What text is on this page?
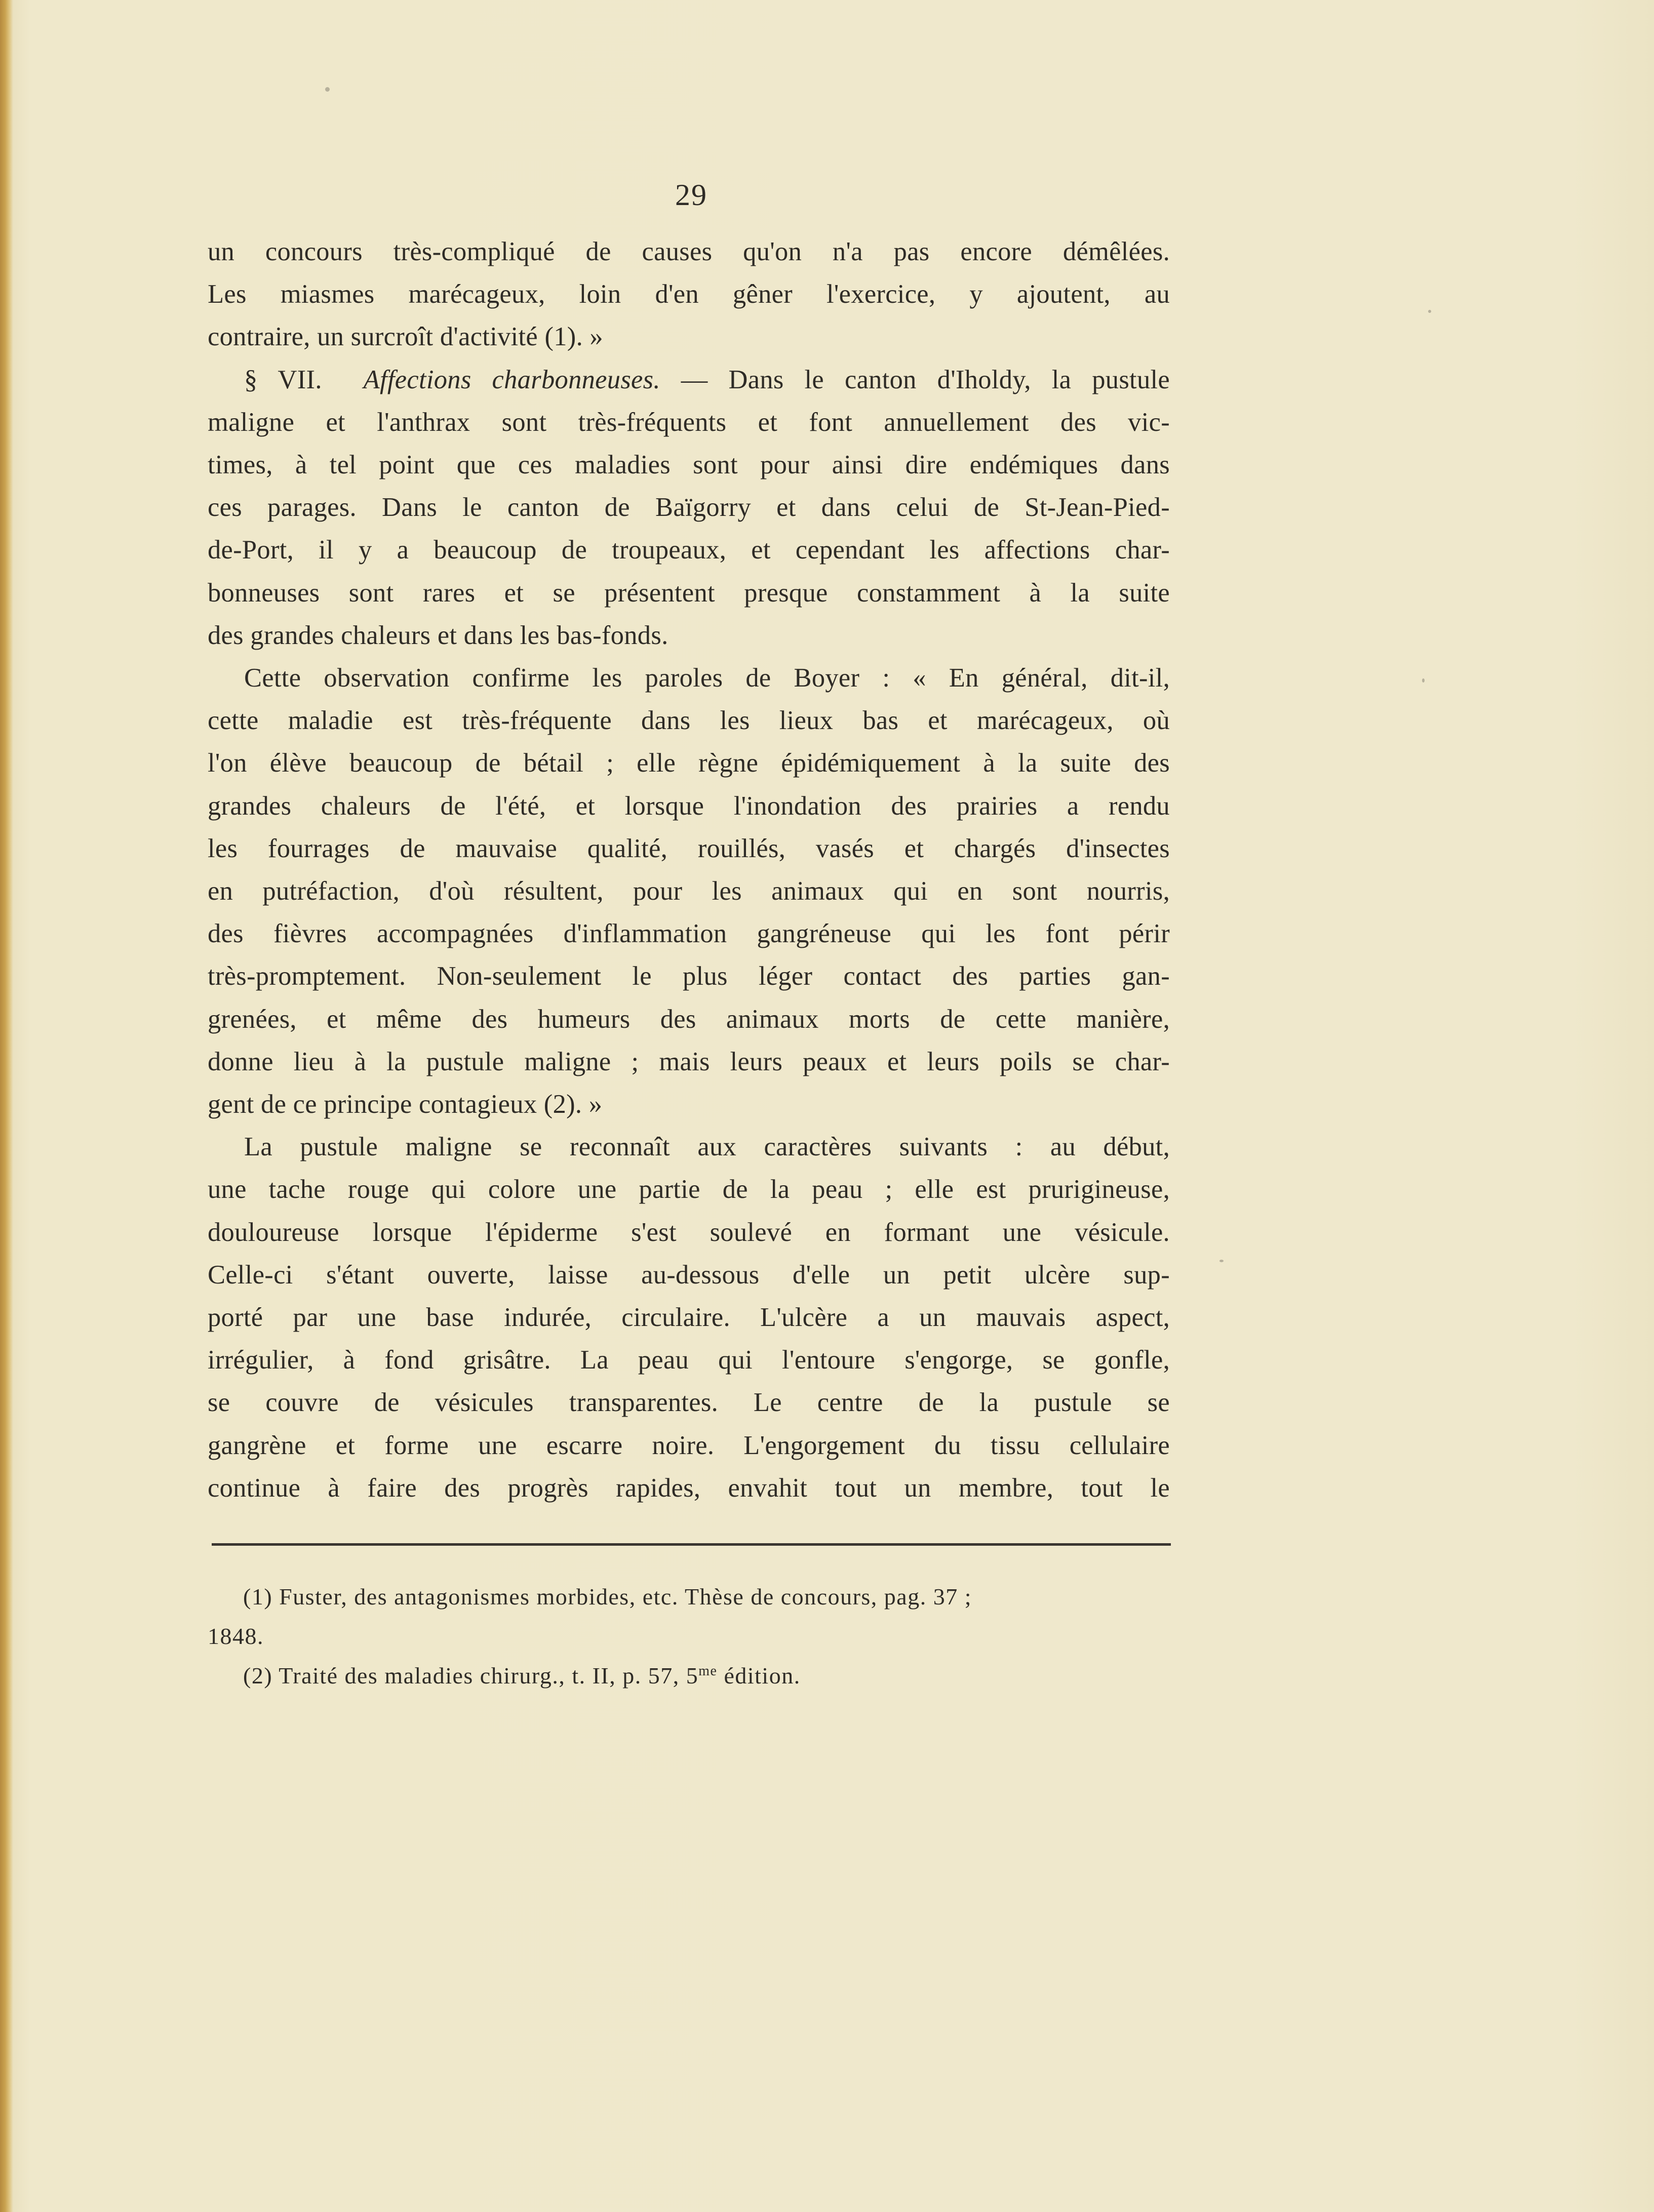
29
un concours très-compliqué de causes qu'on n'a pas encore démêlées.
Les miasmes marécageux, loin d'en gêner l'exercice, y ajoutent, au
contraire, un surcroît d'activité (1). »
§ VII. Affections charbonneuses. — Dans le canton d'Iholdy, la pustule
maligne et l'anthrax sont très-fréquents et font annuellement des vic-
times, à tel point que ces maladies sont pour ainsi dire endémiques dans
ces parages. Dans le canton de Baïgorry et dans celui de St-Jean-Pied-
de-Port, il y a beaucoup de troupeaux, et cependant les affections char-
bonneuses sont rares et se présentent presque constamment à la suite
des grandes chaleurs et dans les bas-fonds.
Cette observation confirme les paroles de Boyer : « En général, dit-il,
cette maladie est très-fréquente dans les lieux bas et marécageux, où
l'on élève beaucoup de bétail ; elle règne épidémiquement à la suite des
grandes chaleurs de l'été, et lorsque l'inondation des prairies a rendu
les fourrages de mauvaise qualité, rouillés, vasés et chargés d'insectes
en putréfaction, d'où résultent, pour les animaux qui en sont nourris,
des fièvres accompagnées d'inflammation gangréneuse qui les font périr
très-promptement. Non-seulement le plus léger contact des parties gan-
grenées, et même des humeurs des animaux morts de cette manière,
donne lieu à la pustule maligne ; mais leurs peaux et leurs poils se char-
gent de ce principe contagieux (2). »
La pustule maligne se reconnaît aux caractères suivants : au début,
une tache rouge qui colore une partie de la peau ; elle est prurigineuse,
douloureuse lorsque l'épiderme s'est soulevé en formant une vésicule.
Celle-ci s'étant ouverte, laisse au-dessous d'elle un petit ulcère sup-
porté par une base indurée, circulaire. L'ulcère a un mauvais aspect,
irrégulier, à fond grisâtre. La peau qui l'entoure s'engorge, se gonfle,
se couvre de vésicules transparentes. Le centre de la pustule se
gangrène et forme une escarre noire. L'engorgement du tissu cellulaire
continue à faire des progrès rapides, envahit tout un membre, tout le
(1) Fuster, des antagonismes morbides, etc. Thèse de concours, pag. 37 ;
1848.
(2) Traité des maladies chirurg., t. II, p. 57, $5^{me}$ édition.
